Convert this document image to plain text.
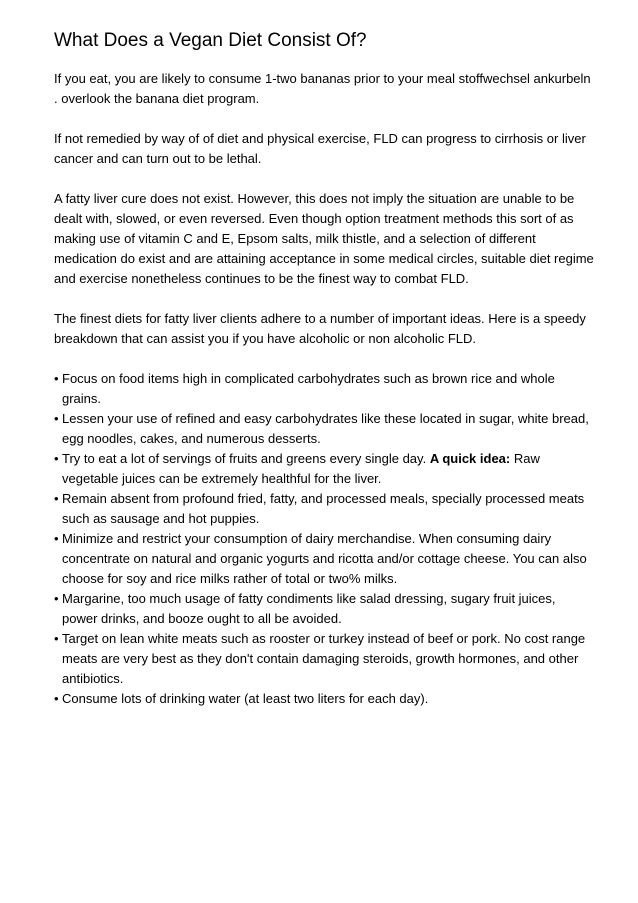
What Does a Vegan Diet Consist Of?

If you eat, you are likely to consume 1-two bananas prior to your meal stoffwechsel ankurbeln . overlook the banana diet program.

If not remedied by way of of diet and physical exercise, FLD can progress to cirrhosis or liver cancer and can turn out to be lethal.

A fatty liver cure does not exist. However, this does not imply the situation are unable to be dealt with, slowed, or even reversed. Even though option treatment methods this sort of as making use of vitamin C and E, Epsom salts, milk thistle, and a selection of different medication do exist and are attaining acceptance in some medical circles, suitable diet regime and exercise nonetheless continues to be the finest way to combat FLD.

The finest diets for fatty liver clients adhere to a number of important ideas. Here is a speedy breakdown that can assist you if you have alcoholic or non alcoholic FLD.

• Focus on food items high in complicated carbohydrates such as brown rice and whole grains.
• Lessen your use of refined and easy carbohydrates like these located in sugar, white bread, egg noodles, cakes, and numerous desserts.
• Try to eat a lot of servings of fruits and greens every single day. A quick idea: Raw vegetable juices can be extremely healthful for the liver.
• Remain absent from profound fried, fatty, and processed meals, specially processed meats such as sausage and hot puppies.
• Minimize and restrict your consumption of dairy merchandise. When consuming dairy concentrate on natural and organic yogurts and ricotta and/or cottage cheese. You can also choose for soy and rice milks rather of total or two% milks.
• Margarine, too much usage of fatty condiments like salad dressing, sugary fruit juices, power drinks, and booze ought to all be avoided.
• Target on lean white meats such as rooster or turkey instead of beef or pork. No cost range meats are very best as they don't contain damaging steroids, growth hormones, and other antibiotics.
• Consume lots of drinking water (at least two liters for each day).
